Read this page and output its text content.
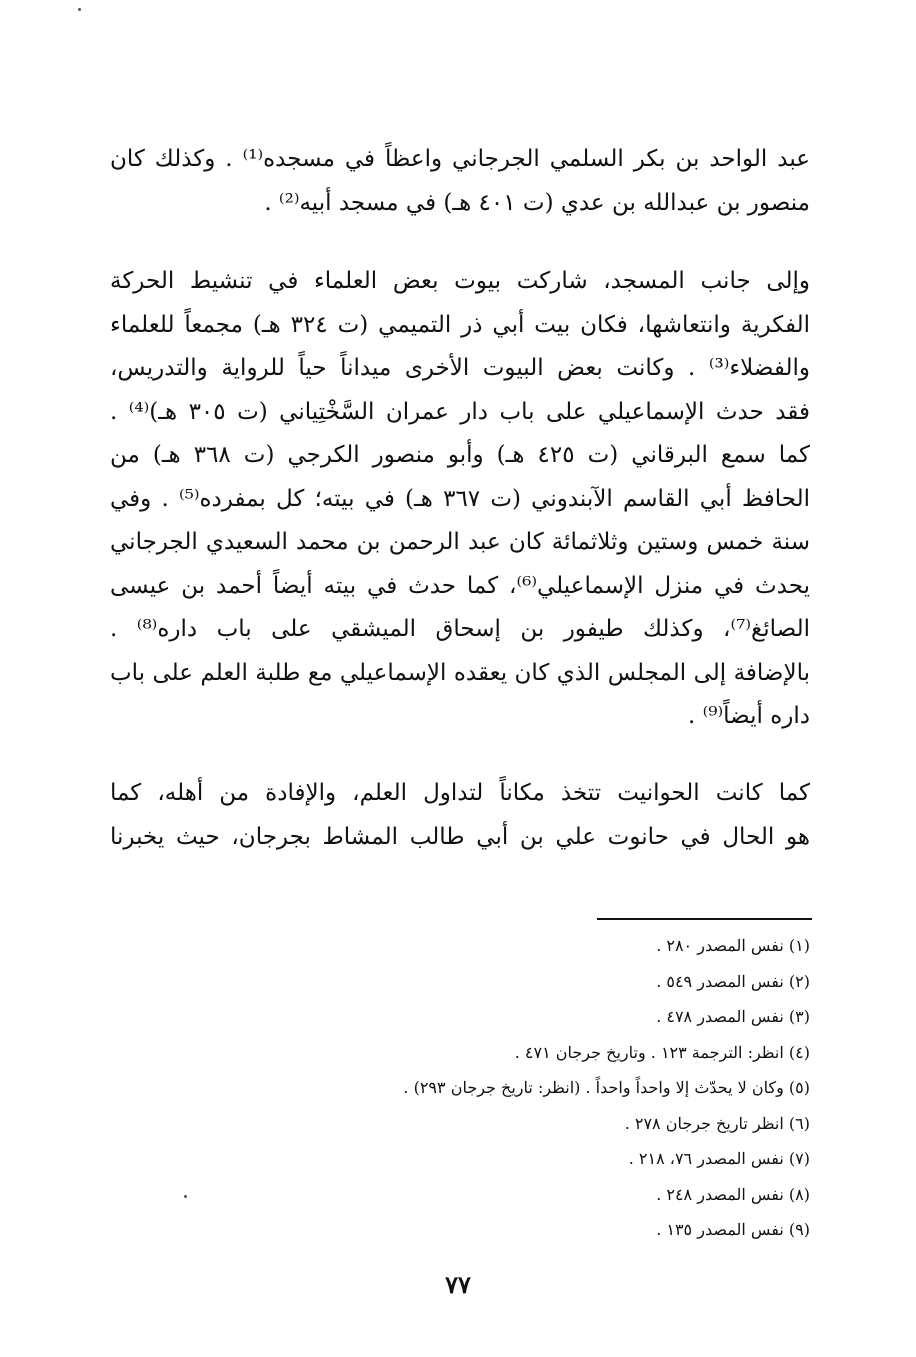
عبد الواحد بن بكر السلمي الجرجاني واعظاً في مسجده⁽¹⁾ . وكذلك كان
منصور بن عبدالله بن عدي (ت ٤٠١ هـ) في مسجد أبيه⁽²⁾ .
وإلى جانب المسجد، شاركت بيوت بعض العلماء في تنشيط الحركة
الفكرية وانتعاشها، فكان بيت أبي ذر التميمي (ت ٣٢٤ هـ) مجمعاً للعلماء
والفضلاء⁽³⁾ . وكانت بعض البيوت الأخرى ميداناً حياً للرواية والتدريس،
فقد حدث الإسماعيلي على باب دار عمران السَّخْتِياني (ت ٣٠٥ هـ)⁽⁴⁾ .
كما سمع البرقاني (ت ٤٢٥ هـ) وأبو منصور الكرجي (ت ٣٦٨ هـ) من
الحافظ أبي القاسم الآبندوني (ت ٣٦٧ هـ) في بيته؛ كل بمفرده⁽⁵⁾ . وفي
سنة خمس وستين وثلاثمائة كان عبد الرحمن بن محمد السعيدي الجرجاني
يحدث في منزل الإسماعيلي⁽⁶⁾، كما حدث في بيته أيضاً أحمد بن عيسى
الصائغ⁽⁷⁾، وكذلك طيفور بن إسحاق الميشقي على باب داره⁽⁸⁾ .
بالإضافة إلى المجلس الذي كان يعقده الإسماعيلي مع طلبة العلم على باب
داره أيضاً⁽⁹⁾ .
كما كانت الحوانيت تتخذ مكاناً لتداول العلم، والإفادة من أهله، كما
هو الحال في حانوت علي بن أبي طالب المشاط بجرجان، حيث يخبرنا
(١) نفس المصدر ٢٨٠ .
(٢) نفس المصدر ٥٤٩ .
(٣) نفس المصدر ٤٧٨ .
(٤) انظر: الترجمة ١٢٣ . وتاريخ جرجان ٤٧١ .
(٥) وكان لا يحدّث إلا واحداً واحداً . (انظر: تاريخ جرجان ٢٩٣) .
(٦) انظر تاريخ جرجان ٢٧٨ .
(٧) نفس المصدر ٧٦، ٢١٨ .
(٨) نفس المصدر ٢٤٨ .
(٩) نفس المصدر ١٣٥ .
٧٧
